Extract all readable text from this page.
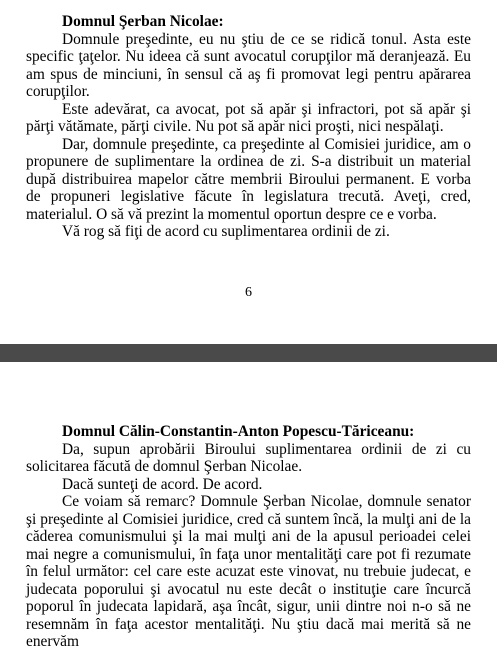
Domnul Şerban Nicolae:

Domnule preşedinte, eu nu ştiu de ce se ridică tonul. Asta este specific ţaţelor. Nu ideea că sunt avocatul corupţilor mă deranjează. Eu am spus de minciuni, în sensul că aş fi promovat legi pentru apărarea corupţilor.

Este adevărat, ca avocat, pot să apăr şi infractori, pot să apăr şi părţi vătămate, părţi civile. Nu pot să apăr nici proşti, nici nespălaţi.

Dar, domnule preşedinte, ca preşedinte al Comisiei juridice, am o propunere de suplimentare la ordinea de zi. S-a distribuit un material după distribuirea mapelor către membrii Biroului permanent. E vorba de propuneri legislative făcute în legislatura trecută. Aveţi, cred, materialul. O să vă prezint la momentul oportun despre ce e vorba.

Vă rog să fiţi de acord cu suplimentarea ordinii de zi.

6

Domnul Călin-Constantin-Anton Popescu-Tăriceanu:

Da, supun aprobării Biroului suplimentarea ordinii de zi cu solicitarea făcută de domnul Şerban Nicolae.

Dacă sunteţi de acord. De acord.

Ce voiam să remarc? Domnule Şerban Nicolae, domnule senator şi preşedinte al Comisiei juridice, cred că suntem încă, la mulţi ani de la căderea comunismului şi la mai mulţi ani de la apusul perioadei celei mai negre a comunismului, în faţa unor mentalităţi care pot fi rezumate în felul următor: cel care este acuzat este vinovat, nu trebuie judecat, e judecata poporului şi avocatul nu este decât o instituţie care încurcă poporul în judecata lapidară, aşa încât, sigur, unii dintre noi n-o să ne resemnăm în faţa acestor mentalităţi. Nu ştiu dacă mai merită să ne enervăm
